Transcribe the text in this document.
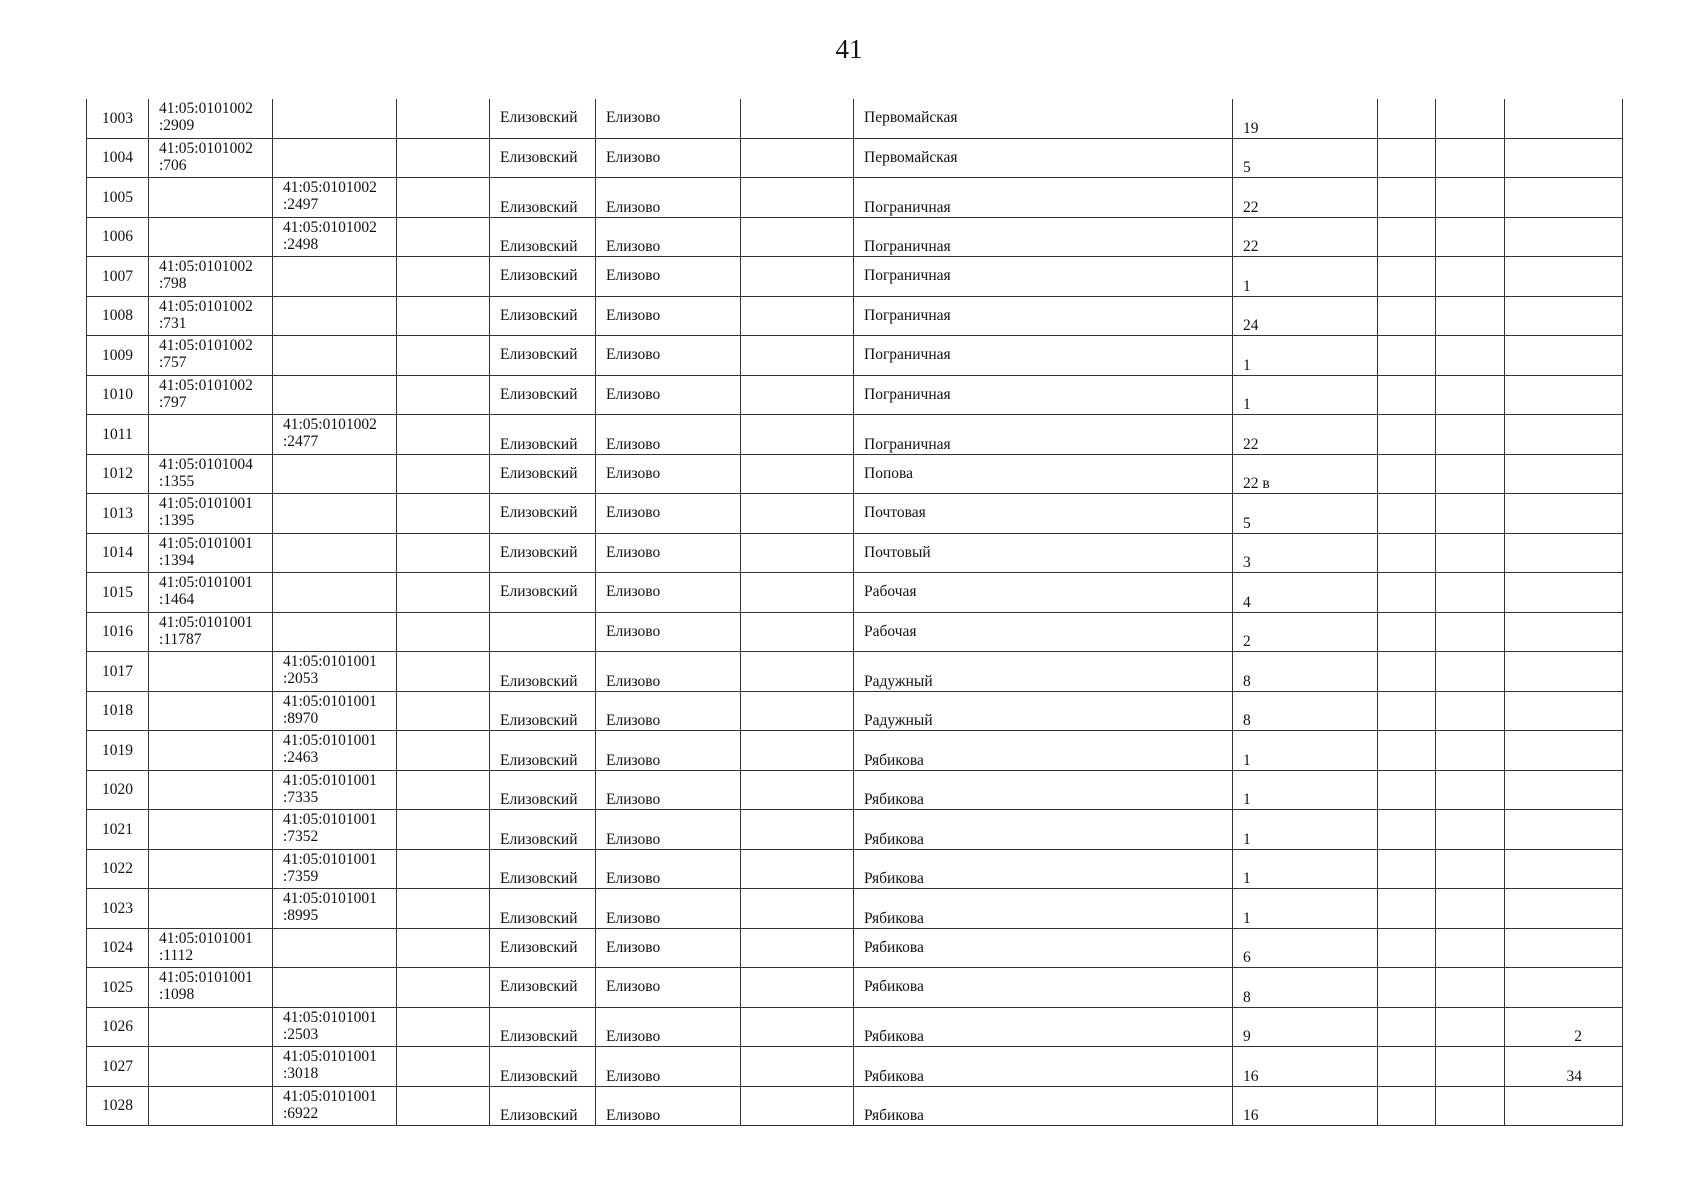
41
1003	41:05:0101002
:2909			Елизовский	Елизово		Первомайская	19			
1004	41:05:0101002
:706			Елизовский	Елизово		Первомайская	5			
1005		41:05:0101002
:2497		Елизовский	Елизово		Пограничная	22			
1006		41:05:0101002
:2498		Елизовский	Елизово		Пограничная	22			
1007	41:05:0101002
:798			Елизовский	Елизово		Пограничная	1			
1008	41:05:0101002
:731			Елизовский	Елизово		Пограничная	24			
1009	41:05:0101002
:757			Елизовский	Елизово		Пограничная	1			
1010	41:05:0101002
:797			Елизовский	Елизово		Пограничная	1			
1011		41:05:0101002
:2477		Елизовский	Елизово		Пограничная	22			
1012	41:05:0101004
:1355			Елизовский	Елизово		Попова	22 в			
1013	41:05:0101001
:1395			Елизовский	Елизово		Почтовая	5			
1014	41:05:0101001
:1394			Елизовский	Елизово		Почтовый	3			
1015	41:05:0101001
:1464			Елизовский	Елизово		Рабочая	4			
1016	41:05:0101001
:11787				Елизово		Рабочая	2			
1017		41:05:0101001
:2053		Елизовский	Елизово		Радужный	8			
1018		41:05:0101001
:8970		Елизовский	Елизово		Радужный	8			
1019		41:05:0101001
:2463		Елизовский	Елизово		Рябикова	1			
1020		41:05:0101001
:7335		Елизовский	Елизово		Рябикова	1			
1021		41:05:0101001
:7352		Елизовский	Елизово		Рябикова	1			
1022		41:05:0101001
:7359		Елизовский	Елизово		Рябикова	1			
1023		41:05:0101001
:8995		Елизовский	Елизово		Рябикова	1			
1024	41:05:0101001
:1112			Елизовский	Елизово		Рябикова	6			
1025	41:05:0101001
:1098			Елизовский	Елизово		Рябикова	8			
1026		41:05:0101001
:2503		Елизовский	Елизово		Рябикова	9			2
1027		41:05:0101001
:3018		Елизовский	Елизово		Рябикова	16			34
1028		41:05:0101001
:6922		Елизовский	Елизово		Рябикова	16			
